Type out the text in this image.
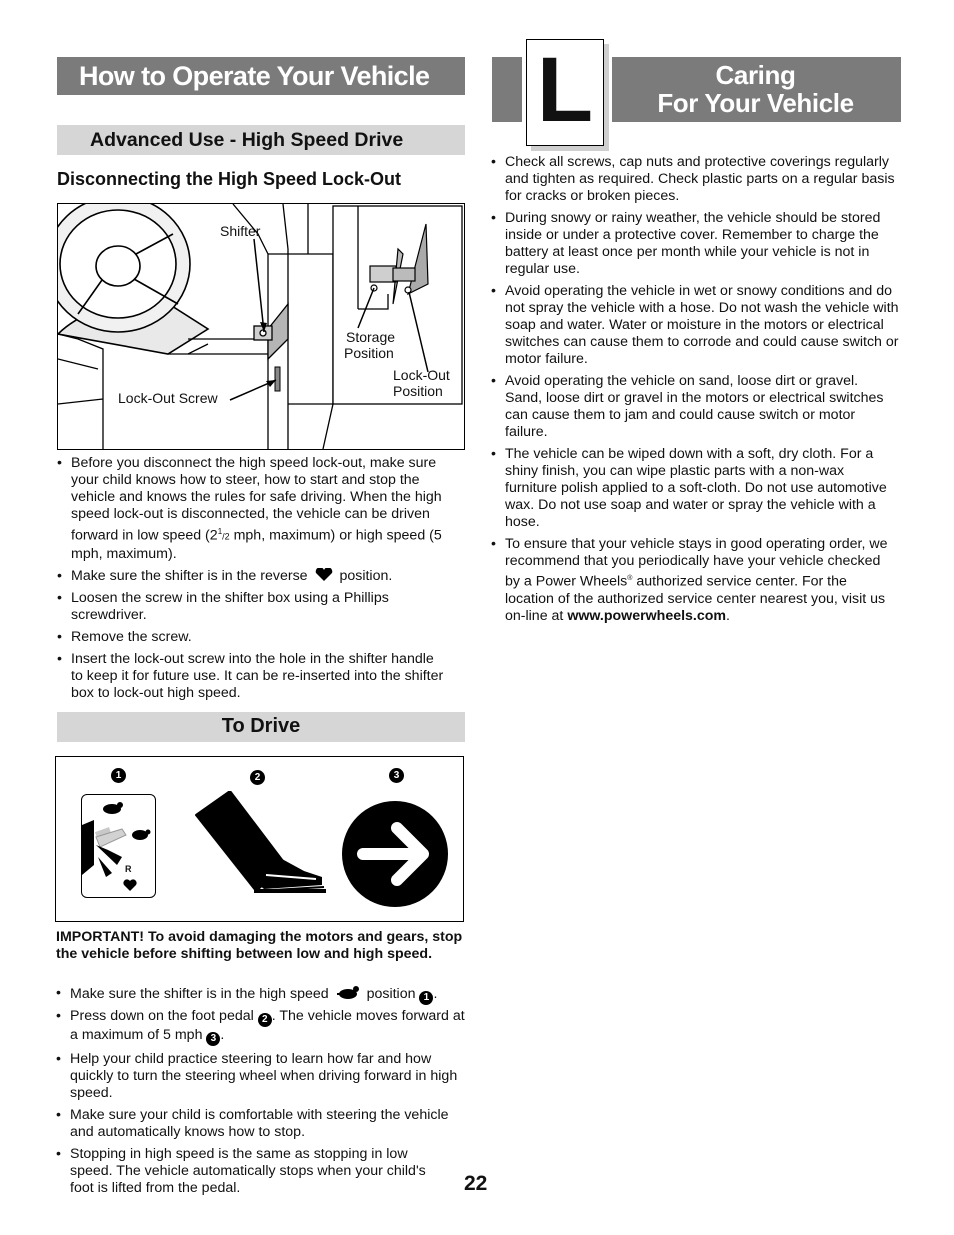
How to Operate Your Vehicle
Advanced Use - High Speed Drive
Disconnecting the High Speed Lock-Out
Shifter
Storage
Position
Lock-Out
Position
Lock-Out Screw
• Before you disconnect the high speed lock-out, make sure your child knows how to steer, how to start and stop the vehicle and knows the rules for safe driving. When the high speed lock-out is disconnected, the vehicle can be driven forward in low speed ($2^1/2$ mph, maximum) or high speed (5 mph, maximum).
• Make sure the shifter is in the reverse position.
• Loosen the screw in the shifter box using a Phillips screwdriver.
• Remove the screw.
• Insert the lock-out screw into the hole in the shifter handle to keep it for future use. It can be re-inserted into the shifter box to lock-out high speed.
To Drive
1	2	3
R
IMPORTANT! To avoid damaging the motors and gears, stop the vehicle before shifting between low and high speed.
• Make sure the shifter is in the high speed	position 1 .
• Press down on the foot pedal 2 . The vehicle moves forward at a maximum of 5 mph 3 .
• Help your child practice steering to learn how far and how quickly to turn the steering wheel when driving forward in high speed.
• Make sure your child is comfortable with steering the vehicle and automatically knows how to stop.
• Stopping in high speed is the same as stopping in low speed. The vehicle automatically stops when your child's foot is lifted from the pedal.	22
Caring
For Your Vehicle
L
• Check all screws, cap nuts and protective coverings regularly and tighten as required. Check plastic parts on a regular basis for cracks or broken pieces.
• During snowy or rainy weather, the vehicle should be stored inside or under a protective cover. Remember to charge the battery at least once per month while your vehicle is not in regular use.
• Avoid operating the vehicle in wet or snowy conditions and do not spray the vehicle with a hose. Do not wash the vehicle with soap and water. Water or moisture in the motors or electrical switches can cause them to corrode and could cause switch or motor failure.
• Avoid operating the vehicle on sand, loose dirt or gravel. Sand, loose dirt or gravel in the motors or electrical switches can cause them to jam and could cause switch or motor failure.
• The vehicle can be wiped down with a soft, dry cloth. For a shiny finish, you can wipe plastic parts with a non-wax furniture polish applied to a soft-cloth. Do not use automotive wax. Do not use soap and water or spray the vehicle with a hose.
• To ensure that your vehicle stays in good operating order, we recommend that you periodically have your vehicle checked by a Power Wheels® authorized service center. For the location of the authorized service center nearest you, visit us on-line at www.powerwheels.com.
